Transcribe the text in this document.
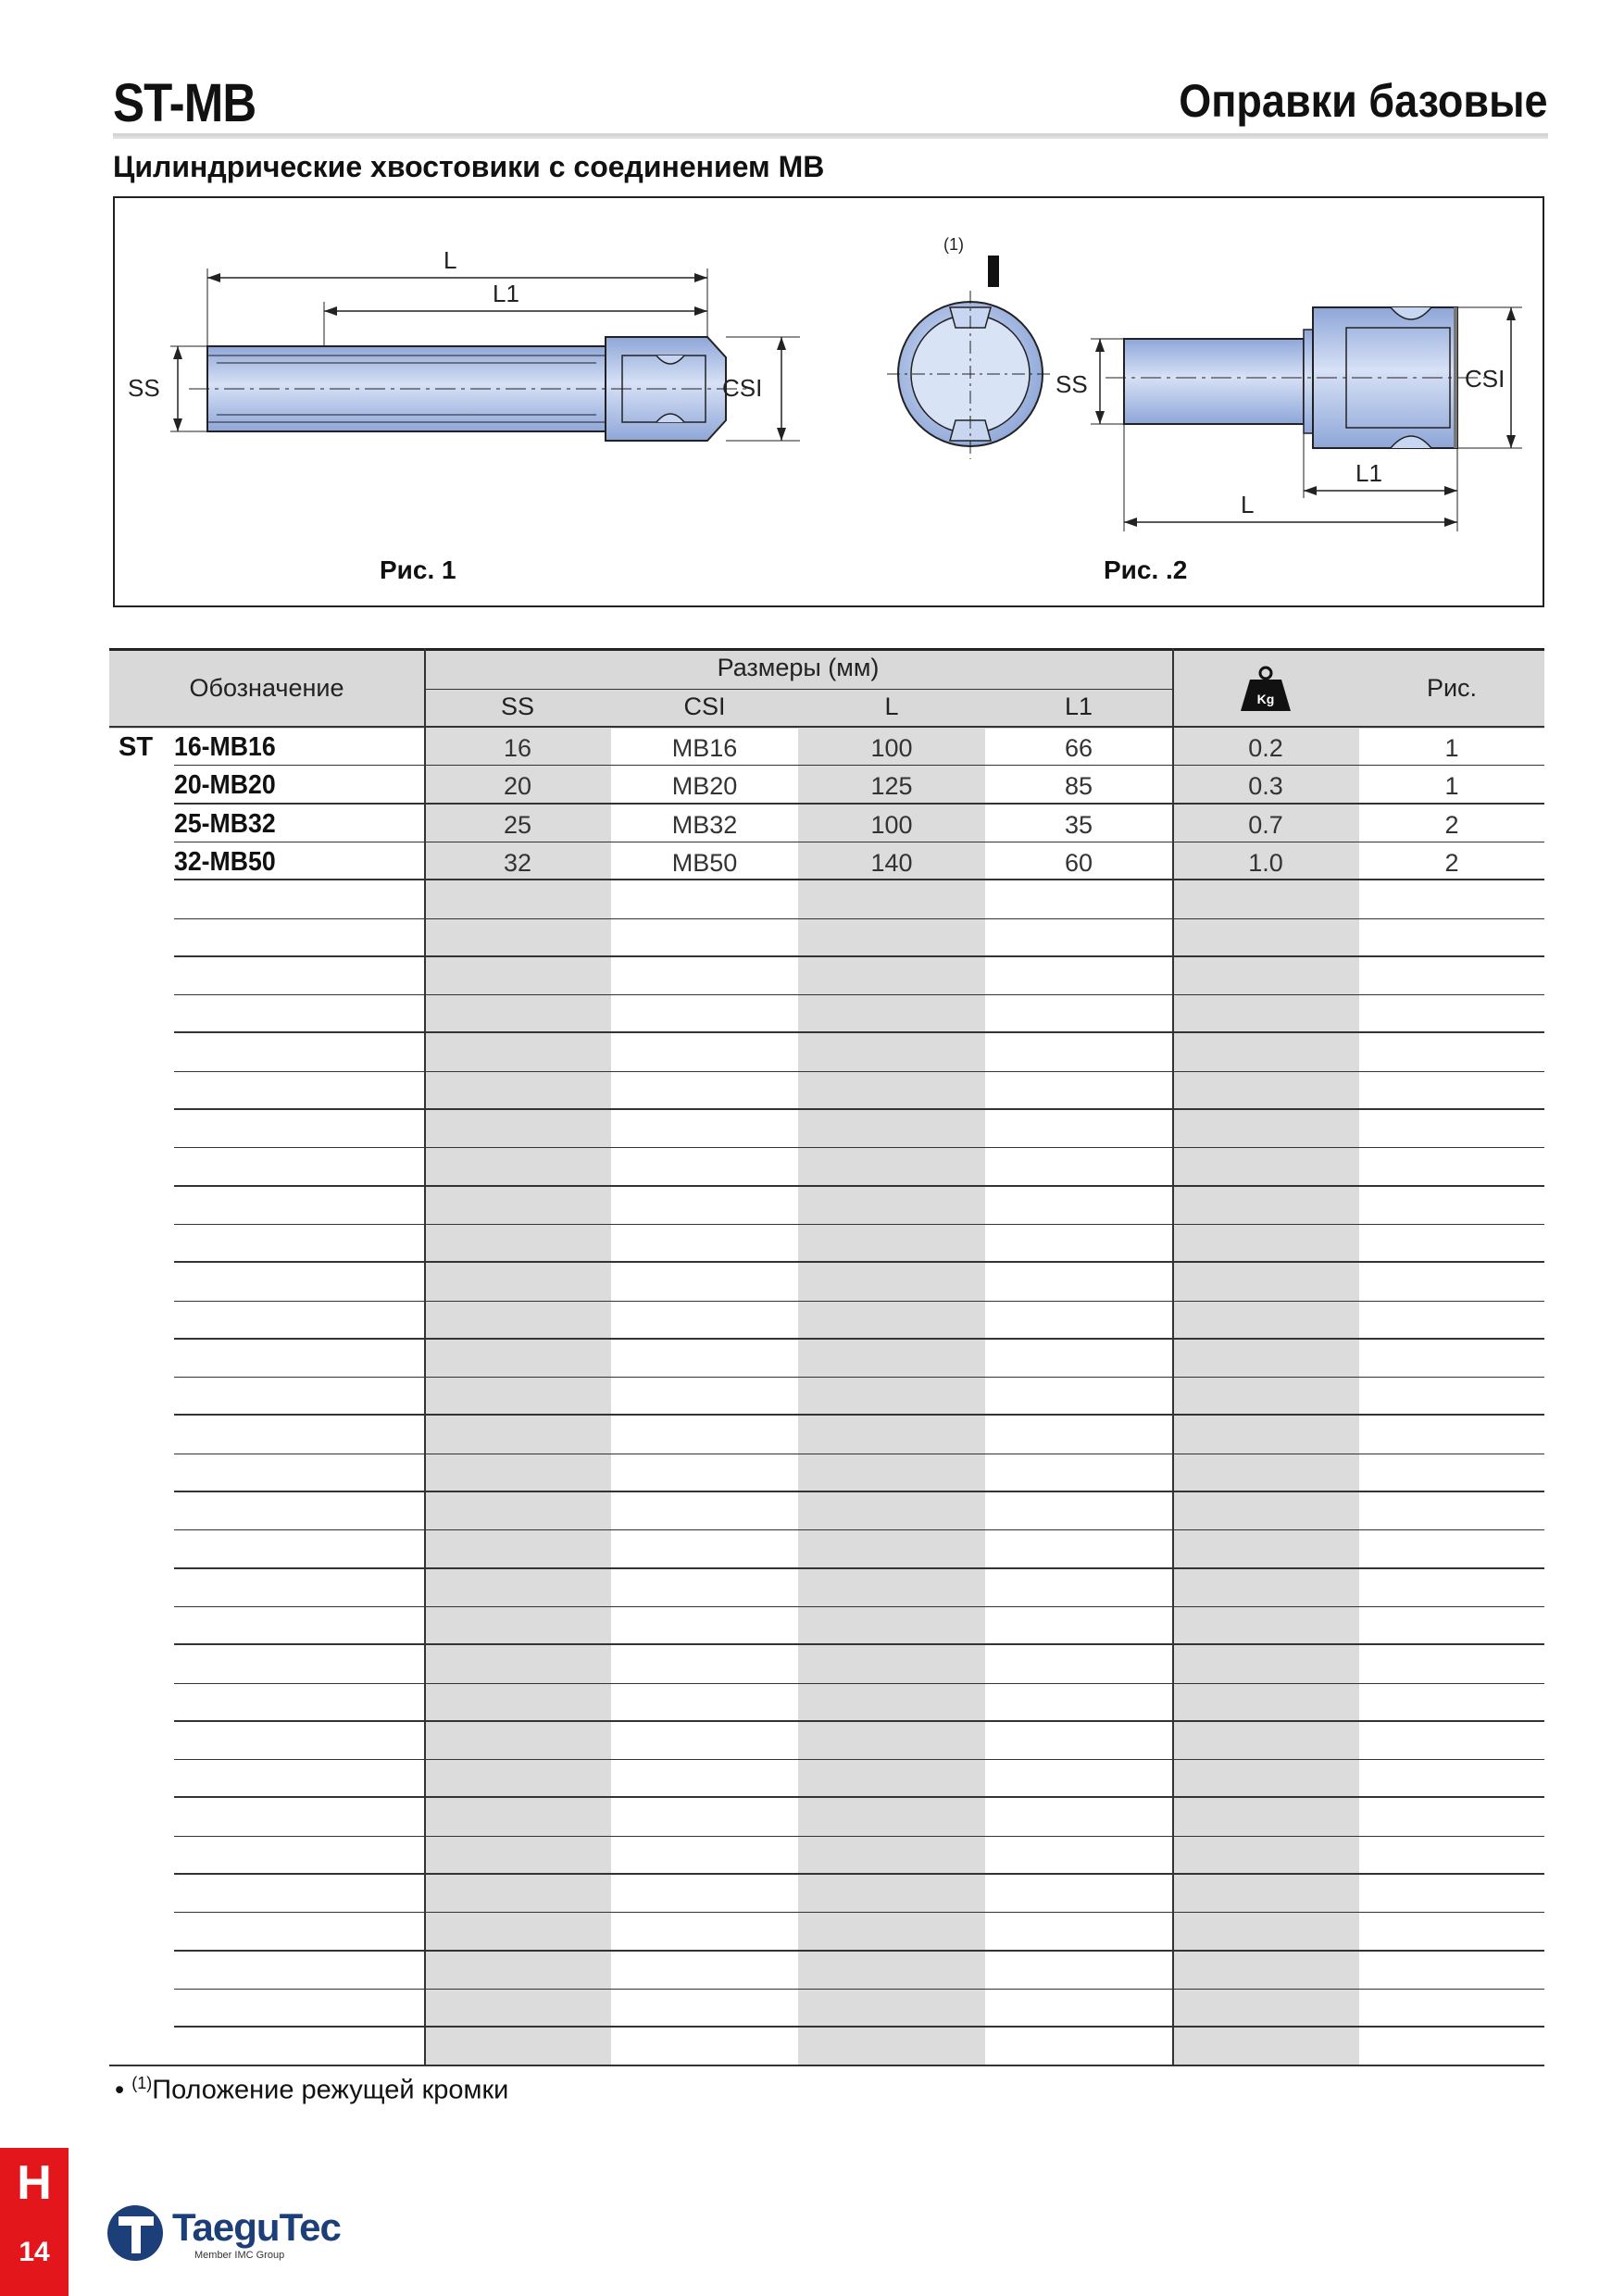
ST-MB	Оправки базовые
Цилиндрические хвостовики с соединением МВ
L
L1
SS	CSI
(1)
SS	CSI
L1
L
Рис. 1	Рис. .2
Обозначение
Размеры (мм)
SS	CSI	L	L1	Kg	Рис.
ST 16-MB16	16	MB16	100	66	0.2	1
20-MB20	20	MB20	125	85	0.3	1
25-MB32	25	MB32	100	35	0.7	2
32-MB50	32	MB50	140	60	1.0	2
• $^{(1)}$Положение режущей кромки
H
14
TaeguTec
Member IMC Group
